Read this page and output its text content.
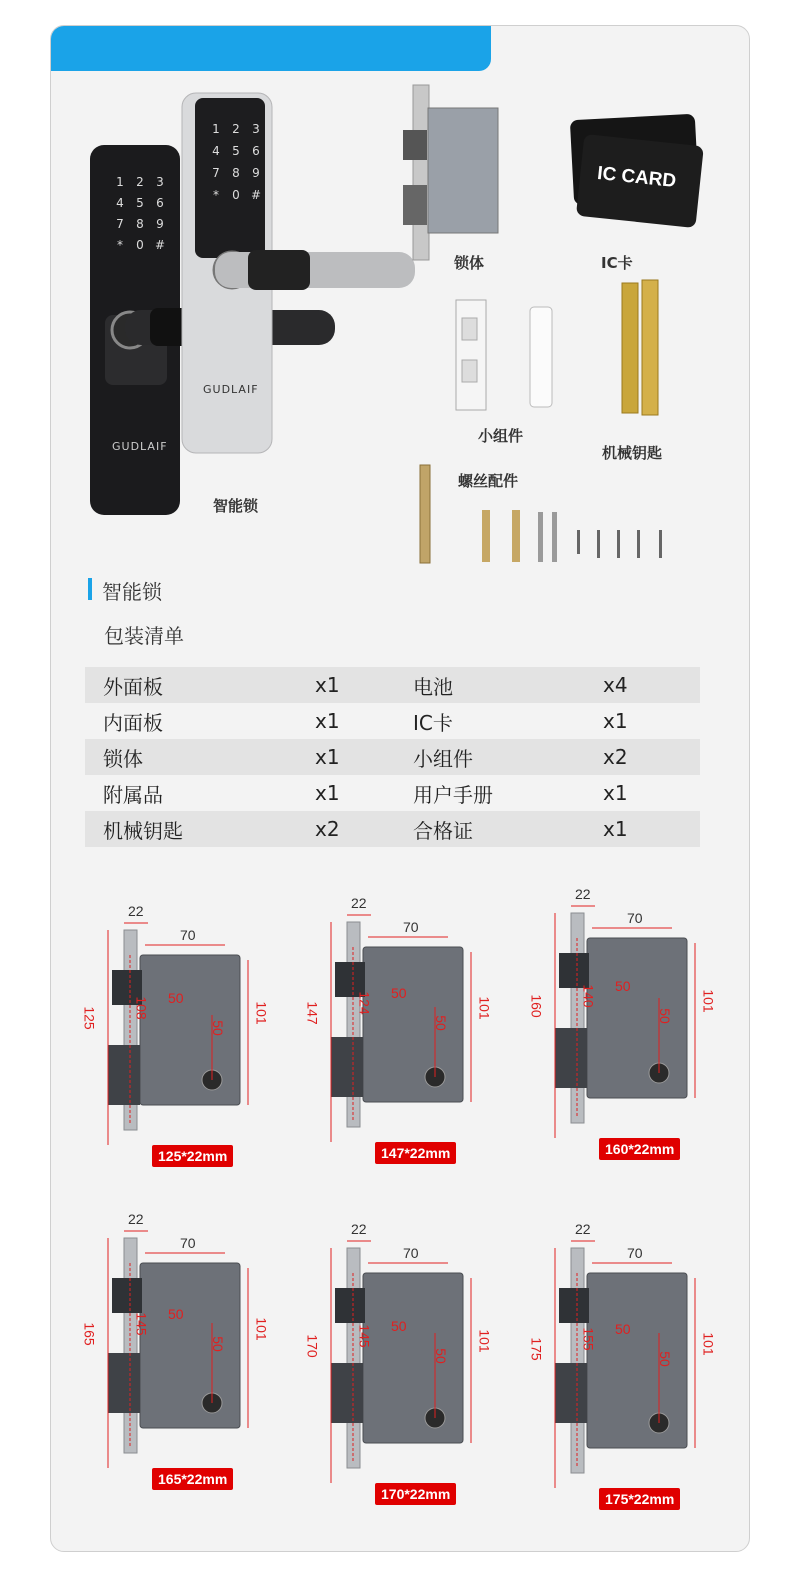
1	2	3
4	5	6
7	8	9
*	0 #
1	2	3
4	5	6
7	8	9
*	0 #
GUDLAIF
GUDLAIF
IC CARD
智能锁
锁体	IC卡
小组件
机械钥匙
螺丝配件
智能锁
包装清单
外面板	x1	电池	x4
内面板	x1	IC卡	x1
锁体	x1	小组件	x2
附属品	x1	用户手册	x1
机械钥匙	x2	合格证	x1
22
70
125	108 50
50
101
125*22mm
22
70
147	124 50
50
101
147*22mm
22
70
160	140 50
50
101
160*22mm
22
70
165	145 50
50
101
165*22mm
22
70
170	145 50
50
101
170*22mm
22
70
175	155 50
50
101
175*22mm
